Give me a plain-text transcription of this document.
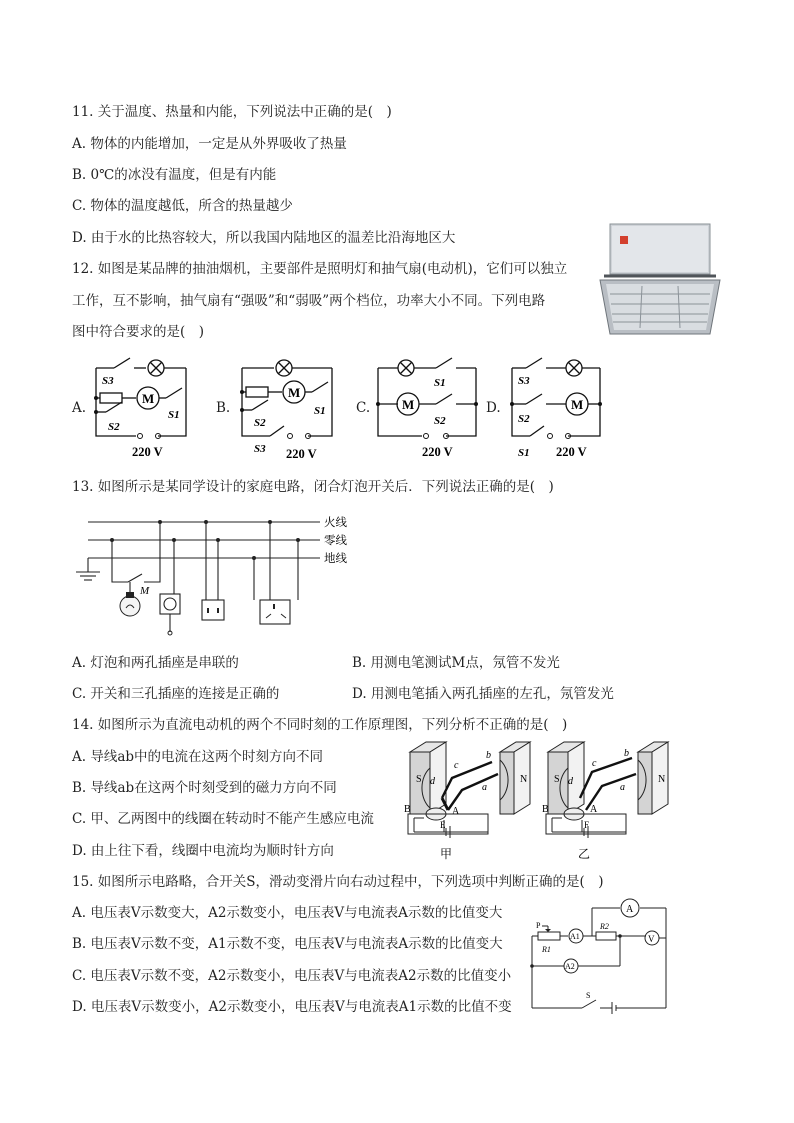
11. 关于温度、热量和内能，下列说法中正确的是(　)
A. 物体的内能增加，一定是从外界吸收了热量
B. 0℃的冰没有温度，但是有内能
C. 物体的温度越低，所含的热量越少
D. 由于水的比热容较大，所以我国内陆地区的温差比沿海地区大
12. 如图是某品牌的抽油烟机，主要部件是照明灯和抽气扇(电动机)，它们可以独立
工作，互不影响，抽气扇有“强吸”和“弱吸”两个档位，功率大小不同。下列电路
图中符合要求的是(　)
A.
M
S3
S1
S2
220 V
B.
M
S1
S2
S3 220 V
C. M
S1
S2
220 V
D.	M
S3
S2
S1 220 V
13. 如图所示是某同学设计的家庭电路，闭合灯泡开关后．下列说法正确的是(　)
M
火线
零线
地线
A. 灯泡和两孔插座是串联的	B. 用测电笔测试M点，氖管不发光
C. 开关和三孔插座的连接是正确的	D. 用测电笔插入两孔插座的左孔，氖管发光
14. 如图所示为直流电动机的两个不同时刻的工作原理图，下列分析不正确的是(　)
A. 导线ab中的电流在这两个时刻方向不同
B. 导线ab在这两个时刻受到的磁力方向不同
C. 甲、乙两图中的线圈在转动时不能产生感应电流
D. 由上往下看，线圈中电流均为顺时针方向
S	N
d
c
b
a
A
B
E
甲
S	N
d
c
b
a
A
B
F
乙
15. 如图所示电路略，合开关S，滑动变滑片向右动过程中，下列选项中判断正确的是(　)
A. 电压表V示数变大，A2示数变小，电压表V与电流表A示数的比值变大
B. 电压表V示数不变，A1示数不变，电压表V与电流表A示数的比值变大
C. 电压表V示数不变，A2示数变小，电压表V与电流表A2示数的比值变小
D. 电压表V示数变小，A2示数变小，电压表V与电流表A1示数的比值不变
A
A1
A2
V
P
R1
R2
S
